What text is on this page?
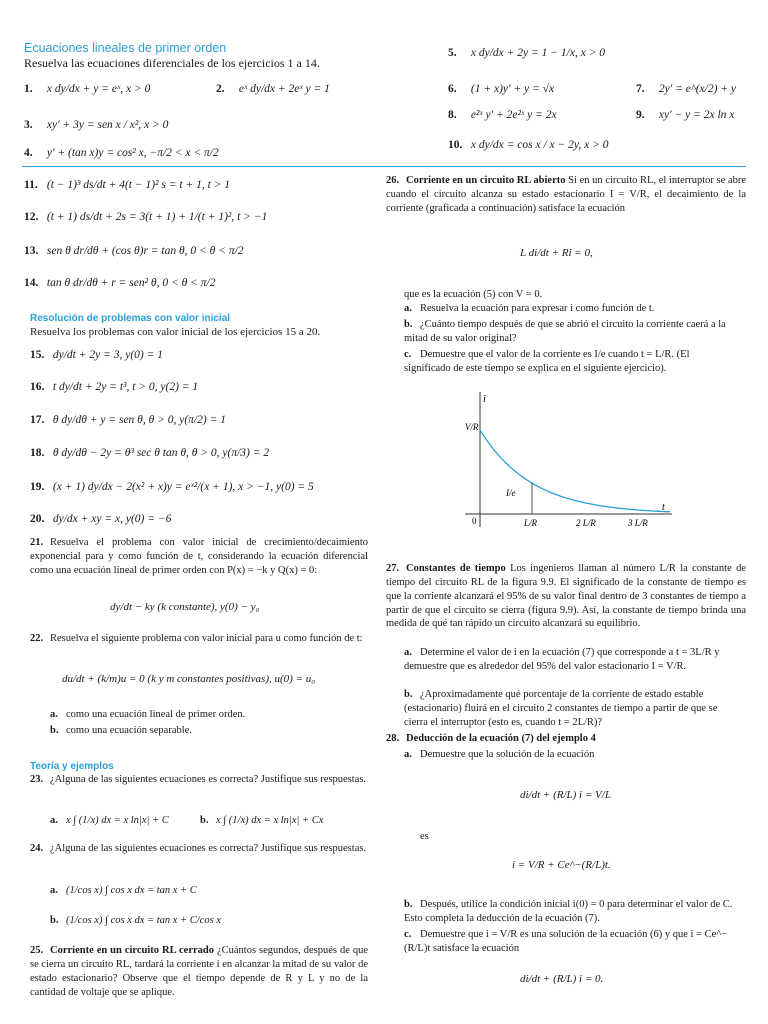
Ecuaciones lineales de primer orden
Resuelva las ecuaciones diferenciales de los ejercicios 1 a 14.
1. x dy/dx + y = eˣ, x > 0	2. eˣ dy/dx + 2eˣ y = 1
3. xy′ + 3y = sen x / x², x > 0
4. y′ + (tan x)y = cos² x, −π/2 < x < π/2
5. x dy/dx + 2y = 1 − 1/x, x > 0
6. (1 + x)y′ + y = √x	7. 2y′ = e^(x/2) + y
8. e²ˣ y′ + 2e²ˣ y = 2x	9. xy′ − y = 2x ln x
10. x dy/dx = cos x / x − 2y, x > 0
11. (t − 1)³ ds/dt + 4(t − 1)² s = t + 1, t > 1
12. (t + 1) ds/dt + 2s = 3(t + 1) + 1/(t + 1)², t > −1
13. sen θ dr/dθ + (cos θ)r = tan θ, 0 < θ < π/2
14. tan θ dr/dθ + r = sen² θ, 0 < θ < π/2
Resolución de problemas con valor inicial
Resuelva los problemas con valor inicial de los ejercicios 15 a 20.
15. dy/dt + 2y = 3, y(0) = 1
16. t dy/dt + 2y = t³, t > 0, y(2) = 1
17. θ dy/dθ + y = sen θ, θ > 0, y(π/2) = 1
18. θ dy/dθ − 2y = θ³ sec θ tan θ, θ > 0, y(π/3) = 2
19. (x + 1) dy/dx − 2(x² + x)y = eˣ²/(x + 1), x > −1, y(0) = 5
20. dy/dx + xy = x, y(0) = −6
21. Resuelva el problema con valor inicial de crecimiento/decaimiento exponencial para y como función de t, considerando la ecuación diferencial como una ecuación lineal de primer orden con P(x) = −k y Q(x) = 0:
dy/dt − ky (k constante), y(0) − y₀
22. Resuelva el siguiente problema con valor inicial para u como función de t:
du/dt + (k/m)u = 0 (k y m constantes positivas), u(0) = u₀
a. como una ecuación lineal de primer orden.
b. como una ecuación separable.
Teoría y ejemplos
23. ¿Alguna de las siguientes ecuaciones es correcta? Justifique sus respuestas.
a. x ∫ (1/x) dx = x ln|x| + C	b. x ∫ (1/x) dx = x ln|x| + Cx
24. ¿Alguna de las siguientes ecuaciones es correcta? Justifique sus respuestas.
a. (1/cos x) ∫ cos x dx = tan x + C
b. (1/cos x) ∫ cos x dx = tan x + C/cos x
25. Corriente en un circuito RL cerrado ¿Cuántos segundos, después de que se cierra un circuito RL, tardará la corriente i en alcanzar la mitad de su valor de estado estacionario? Observe que el tiempo depende de R y L y no de la cantidad de voltaje que se aplique.
26. Corriente en un circuito RL abierto Si en un circuito RL, el interruptor se abre cuando el circuito alcanza su estado estacionario I = V/R, el decaimiento de la corriente (graficada a continuación) satisface la ecuación
L di/dt + Ri = 0,
que es la ecuación (5) con V = 0.
a. Resuelva la ecuación para expresar i como función de t.
b. ¿Cuánto tiempo después de que se abrió el circuito la corriente caerá a la mitad de su valor original?
c. Demuestre que el valor de la corriente es I/e cuando t = L/R. (El significado de este tiempo se explica en el siguiente ejercicio).
i
t
V/R
I/e
0	L/R	2 L/R	3 L/R
27. Constantes de tiempo Los ingenieros llaman al número L/R la constante de tiempo del circuito RL de la figura 9.9. El significado de la constante de tiempo es que la corriente alcanzará el 95% de su valor final dentro de 3 constantes de tiempo a partir de que el circuito se cierra (figura 9.9). Así, la constante de tiempo brinda una medida de qué tan rápido un circuito alcanzará su equilibrio.
a. Determine el valor de i en la ecuación (7) que corresponde a t = 3L/R y demuestre que es alrededor del 95% del valor estacionario I = V/R.
b. ¿Aproximadamente qué porcentaje de la corriente de estado estable (estacionario) fluirá en el circuito 2 constantes de tiempo a partir de que se cierra el interruptor (esto es, cuando t = 2L/R)?
28. Deducción de la ecuación (7) del ejemplo 4
a. Demuestre que la solución de la ecuación
di/dt + (R/L) i = V/L
es
i = V/R + Ce^−(R/L)t.
b. Después, utilice la condición inicial i(0) = 0 para determinar el valor de C. Esto completa la deducción de la ecuación (7).
c. Demuestre que i = V/R es una solución de la ecuación (6) y que i = Ce^−(R/L)t satisface la ecuación
di/dt + (R/L) i = 0.
